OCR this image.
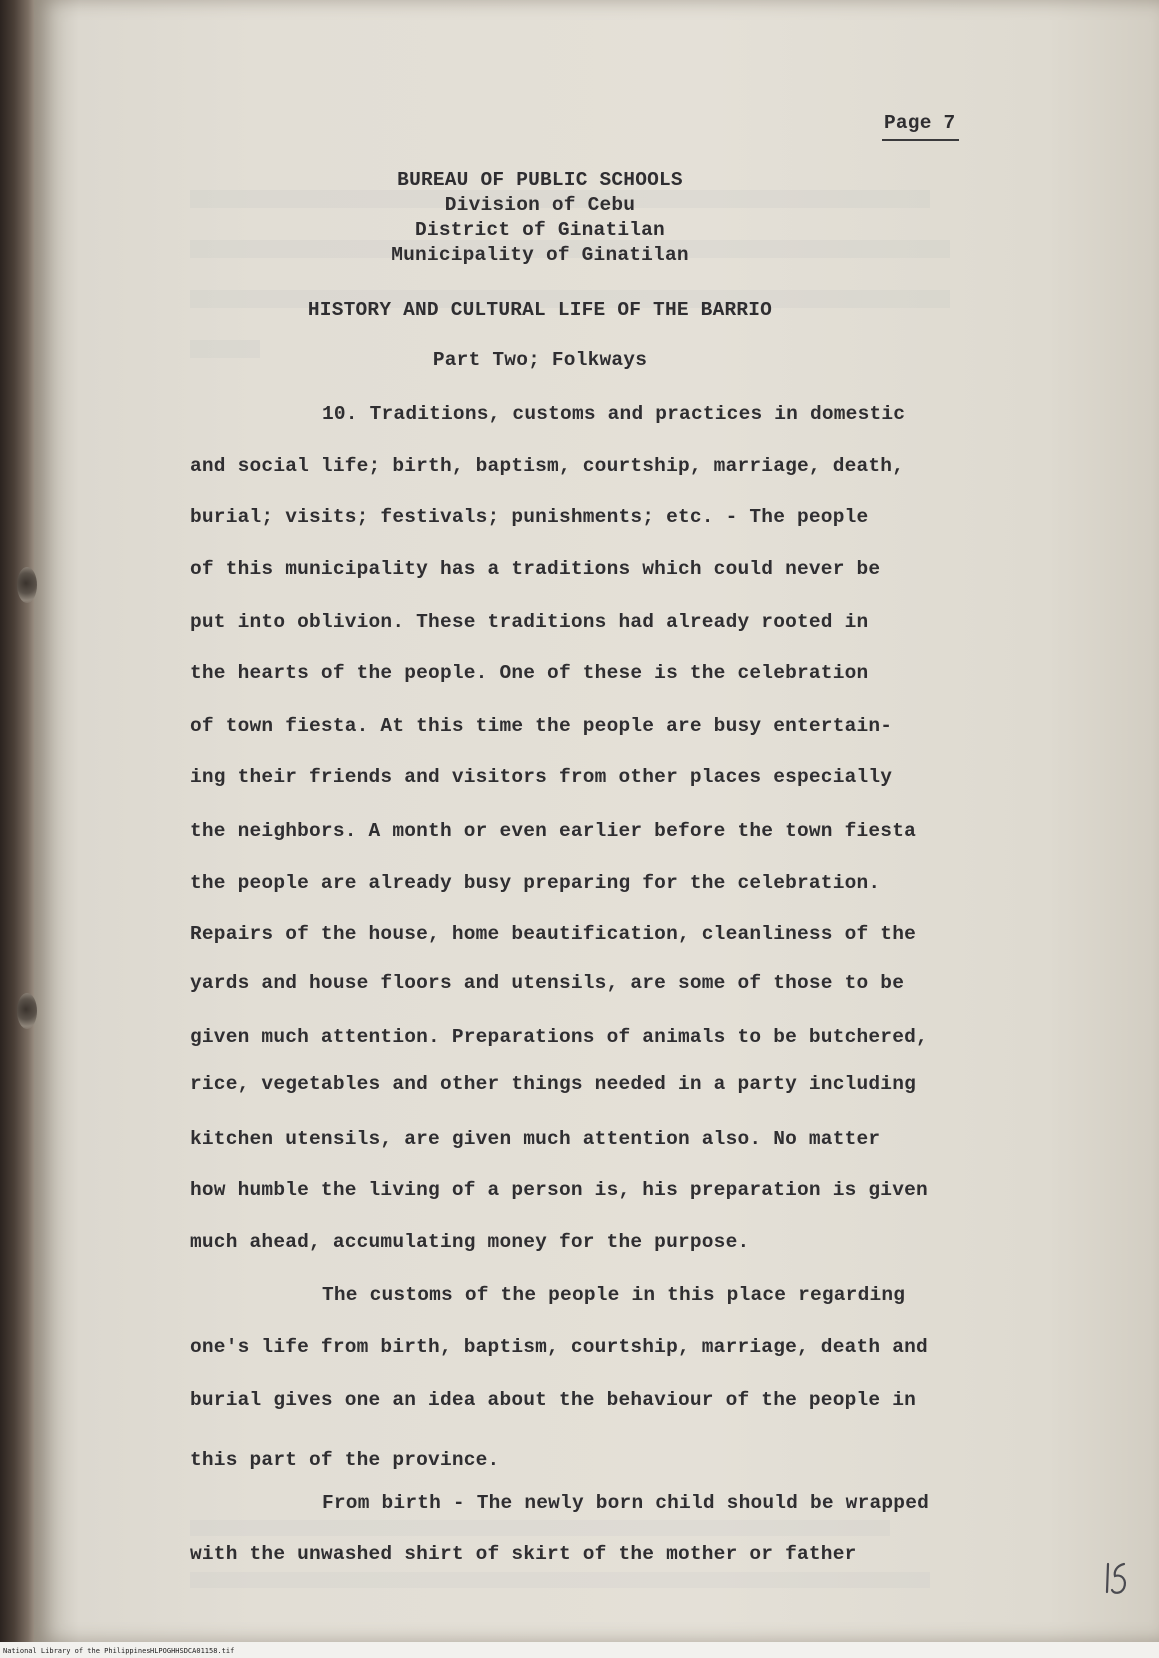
Page 7
BUREAU OF PUBLIC SCHOOLS
Division of Cebu
District of Ginatilan
Municipality of Ginatilan
HISTORY AND CULTURAL LIFE OF THE BARRIO
Part Two; Folkways
10. Traditions, customs and practices in domestic
and social life; birth, baptism, courtship, marriage, death,
burial; visits; festivals; punishments; etc. - The people
of this municipality has a traditions which could never be
put into oblivion. These traditions had already rooted in
the hearts of the people. One of these is the celebration
of town fiesta. At this time the people are busy entertain-
ing their friends and visitors from other places especially
the neighbors. A month or even earlier before the town fiesta
the people are already busy preparing for the celebration.
Repairs of the house, home beautification, cleanliness of the
yards and house floors and utensils, are some of those to be
given much attention. Preparations of animals to be butchered,
rice, vegetables and other things needed in a party including
kitchen utensils, are given much attention also. No matter
how humble the living of a person is, his preparation is given
much ahead, accumulating money for the purpose.
The customs of the people in this place regarding
one's life from birth, baptism, courtship, marriage, death and
burial gives one an idea about the behaviour of the people in
this part of the province.
From birth - The newly born child should be wrapped
with the unwashed shirt of skirt of the mother or father
National Library of the Philippines HLPOGHHSDCA01158.tif
